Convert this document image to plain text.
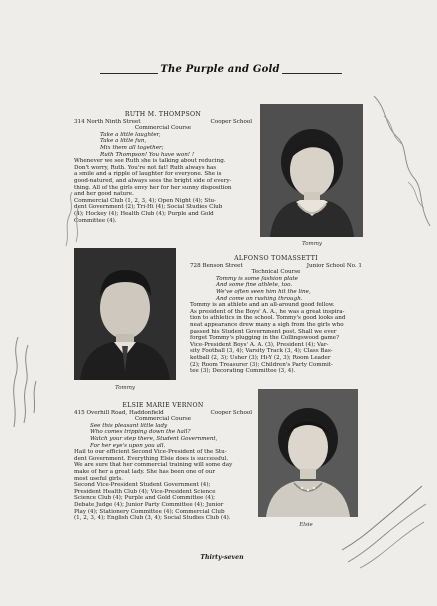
The Purple and Gold
RUTH M. THOMPSON
314 North Ninth Street	Cooper School
Commercial Course
Take a little laughter,
Take a little fun,
Mix them all together;
Ruth Thompson! You have won! !
Whenever we see Ruth she is talking about reducing.
Don't worry, Ruth. You're not fat! Ruth always has
a smile and a ripple of laughter for everyone. She is
good-natured, and always sees the bright side of every-
thing. All of the girls envy her for her sunny disposition
and her good nature.
Commercial Club (1, 2, 3, 4); Open Night (4); Stu-
dent Government (2); Tri-Hi (4); Social Studies Club
(4); Hockey (4); Health Club (4); Purple and Gold
Committee (4).
Tommy
Tommy
ALFONSO TOMASSETTI
728 Benson Street	Junior School No. 1
Technical Course
Tommy is some fashion plate
And some fine athlete, too.
We've often seen him hit the line,
And come on rushing through.
Tommy is an athlete and an all-around good fellow.
As president of the Boys' A. A., he was a great inspira-
tion to athletics in the school. Tommy's good looks and
neat appearance drew many a sigh from the girls who
passed his Student Government post. Shall we ever
forget Tommy's plugging in the Collingswood game?
Vice-President Boys' A. A. (3), President (4); Var-
sity Football (3, 4); Varsity Track (3, 4); Class Bas-
ketball (2, 3); Usher (3); Hi-Y (2, 3); Room Leader
(2); Room Treasurer (3); Children's Party Commit-
tee (3); Decorating Committee (3, 4).
ELSIE MARIE VERNON
415 Overhill Road, Haddonfield	Cooper School
Commercial Course
See this pleasant little lady
Who comes tripping down the hall?
Watch your step there, Student Government,
For her eye's upon you all.
Hail to our efficient Second Vice-President of the Stu-
dent Government. Everything Elsie does is successful.
We are sure that her commercial training will some day
make of her a great lady. She has been one of our
most useful girls.
Second Vice-President Student Government (4);
President Health Club (4); Vice-President Science
Science Club (4); Purple and Gold Committee (4);
Debate Judge (4); Junior Party Committee (4); Junior
Play (4); Stationery Committee (4); Commercial Club
(1, 2, 3, 4); English Club (3, 4); Social Studies Club (4).
Elsie
Thirty-seven
